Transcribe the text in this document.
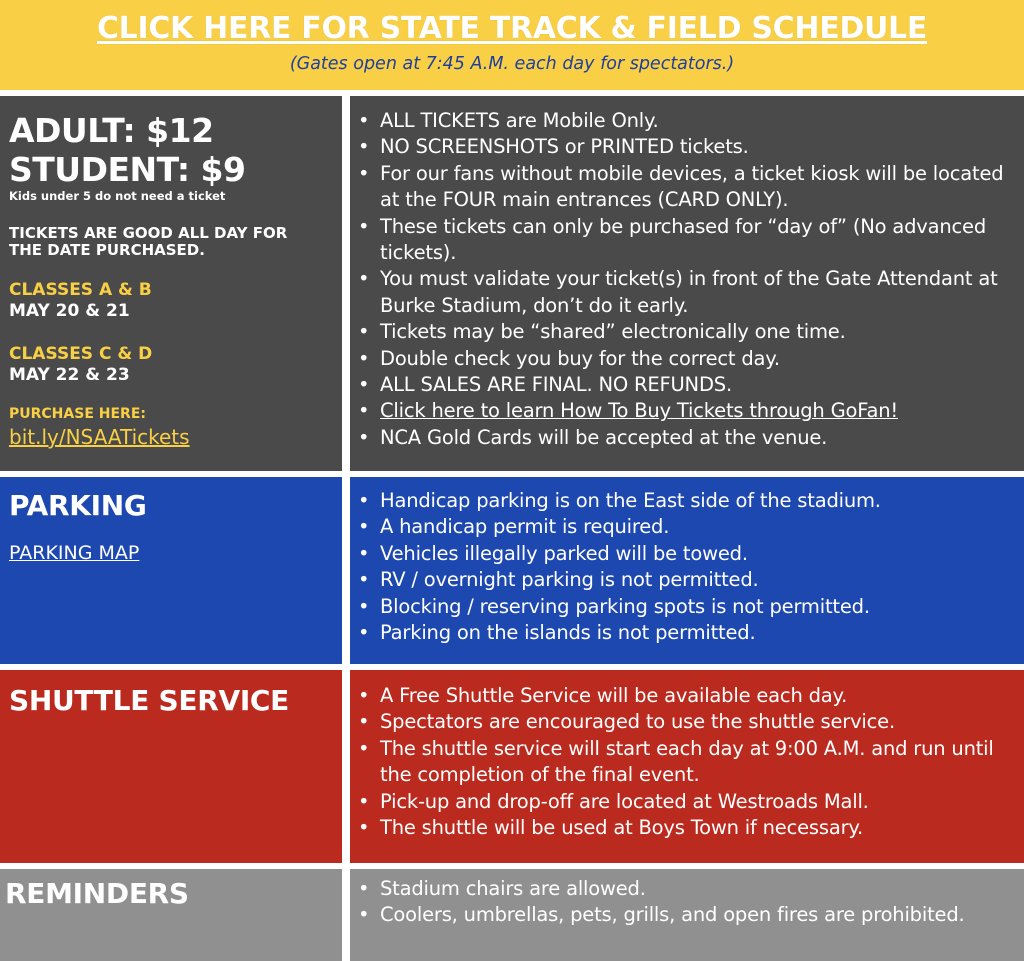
CLICK HERE FOR STATE TRACK & FIELD SCHEDULE
(Gates open at 7:45 A.M. each day for spectators.)
ADULT: $12
STUDENT: $9
Kids under 5 do not need a ticket
TICKETS ARE GOOD ALL DAY FOR
THE DATE PURCHASED.
CLASSES A & B
MAY 20 & 21
CLASSES C & D
MAY 22 & 23
PURCHASE HERE:
bit.ly/NSAATickets
• ALL TICKETS are Mobile Only.
• NO SCREENSHOTS or PRINTED tickets.
• For our fans without mobile devices, a ticket kiosk will be located at the FOUR main entrances (CARD ONLY).
• These tickets can only be purchased for “day of” (No advanced tickets).
• You must validate your ticket(s) in front of the Gate Attendant at Burke Stadium, don’t do it early.
• Tickets may be “shared” electronically one time.
• Double check you buy for the correct day.
• ALL SALES ARE FINAL. NO REFUNDS.
• Click here to learn How To Buy Tickets through GoFan!
• NCA Gold Cards will be accepted at the venue.
PARKING
PARKING MAP
• Handicap parking is on the East side of the stadium.
• A handicap permit is required.
• Vehicles illegally parked will be towed.
• RV / overnight parking is not permitted.
• Blocking / reserving parking spots is not permitted.
• Parking on the islands is not permitted.
SHUTTLE SERVICE	• A Free Shuttle Service will be available each day.
• Spectators are encouraged to use the shuttle service.
• The shuttle service will start each day at 9:00 A.M. and run until the completion of the final event.
• Pick-up and drop-off are located at Westroads Mall.
• The shuttle will be used at Boys Town if necessary.
REMINDERS	• Stadium chairs are allowed.
• Coolers, umbrellas, pets, grills, and open fires are prohibited.
